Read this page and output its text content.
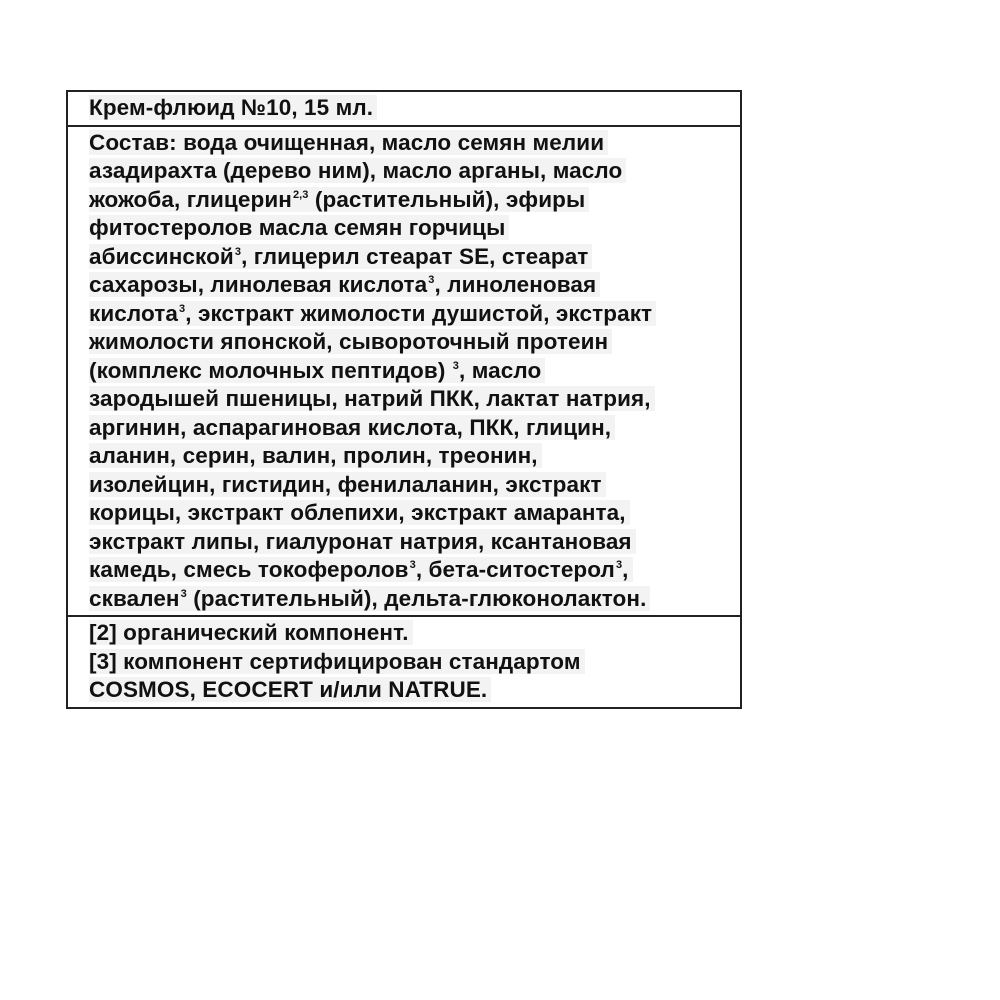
Крем-флюид №10, 15 мл.
Состав: вода очищенная, масло семян мелии
азадирахта (дерево ним), масло арганы, масло
жожоба, глицерин$^{2,3}$ (растительный), эфиры
фитостеролов масла семян горчицы
абиссинской$^3$, глицерил стеарат SE, стеарат
сахарозы, линолевая кислота$^3$, линоленовая
кислота$^3$, экстракт жимолости душистой, экстракт
жимолости японской, сывороточный протеин
(комплекс молочных пептидов) $^3$, масло
зародышей пшеницы, натрий ПКК, лактат натрия,
аргинин, аспарагиновая кислота, ПКК, глицин,
аланин, серин, валин, пролин, треонин,
изолейцин, гистидин, фенилаланин, экстракт
корицы, экстракт облепихи, экстракт амаранта,
экстракт липы, гиалуронат натрия, ксантановая
камедь, смесь токоферолов$^3$, бета-ситостерол$^3$,
сквален$^3$ (растительный), дельта-глюконолактон.
[2] органический компонент.
[3] компонент сертифицирован стандартом
COSMOS, ECOCERT и/или NATRUE.
